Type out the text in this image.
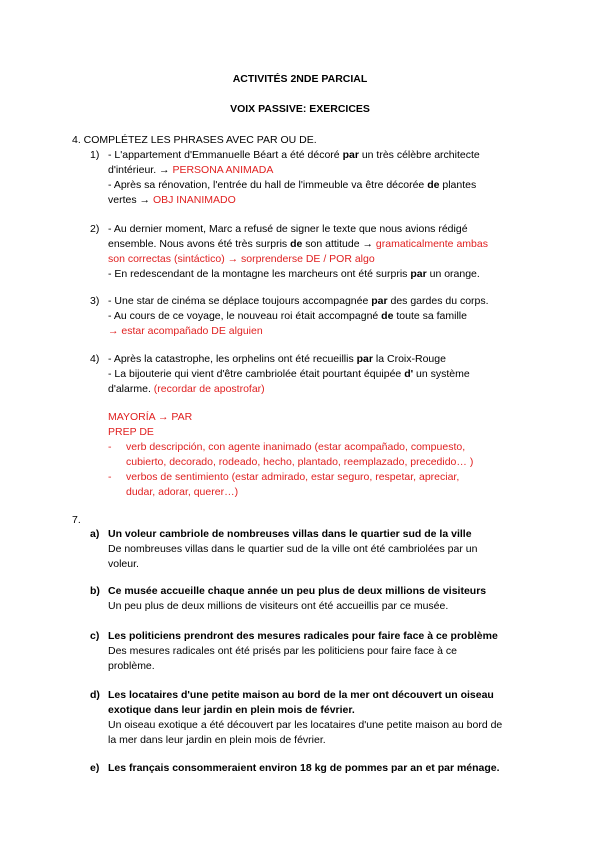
ACTIVITÉS 2NDE PARCIAL
VOIX PASSIVE: EXERCICES
4. COMPLÉTEZ LES PHRASES AVEC PAR OU DE.
1) - L'appartement d'Emmanuelle Béart a été décoré par un très célèbre architecte
d'intérieur. → PERSONA ANIMADA
- Après sa rénovation, l'entrée du hall de l'immeuble va être décorée de plantes
vertes → OBJ INANIMADO
2) - Au dernier moment, Marc a refusé de signer le texte que nous avions rédigé
ensemble. Nous avons été très surpris de son attitude → gramaticalmente ambas
son correctas (sintáctico) → sorprenderse DE / POR algo
- En redescendant de la montagne les marcheurs ont été surpris par un orange.
3) - Une star de cinéma se déplace toujours accompagnée par des gardes du corps.
- Au cours de ce voyage, le nouveau roi était accompagné de toute sa famille
→ estar acompañado DE alguien
4) - Après la catastrophe, les orphelins ont été recueillis par la Croix-Rouge
- La bijouterie qui vient d'être cambriolée était pourtant équipée d' un système
d'alarme. (recordar de apostrofar)
MAYORÍA → PAR
PREP DE
- verb descripción, con agente inanimado (estar acompañado, compuesto,
cubierto, decorado, rodeado, hecho, plantado, reemplazado, precedido… )
- verbos de sentimiento (estar admirado, estar seguro, respetar, apreciar,
dudar, adorar, querer…)
7.
a) Un voleur cambriole de nombreuses villas dans le quartier sud de la ville
De nombreuses villas dans le quartier sud de la ville ont été cambriolées par un
voleur.
b) Ce musée accueille chaque année un peu plus de deux millions de visiteurs
Un peu plus de deux millions de visiteurs ont été accueillis par ce musée.
c) Les politiciens prendront des mesures radicales pour faire face à ce problème
Des mesures radicales ont été prisés par les politiciens pour faire face à ce
problème.
d) Les locataires d'une petite maison au bord de la mer ont découvert un oiseau
exotique dans leur jardin en plein mois de février.
Un oiseau exotique a été découvert par les locataires d'une petite maison au bord de
la mer dans leur jardin en plein mois de février.
e) Les français consommeraient environ 18 kg de pommes par an et par ménage.
